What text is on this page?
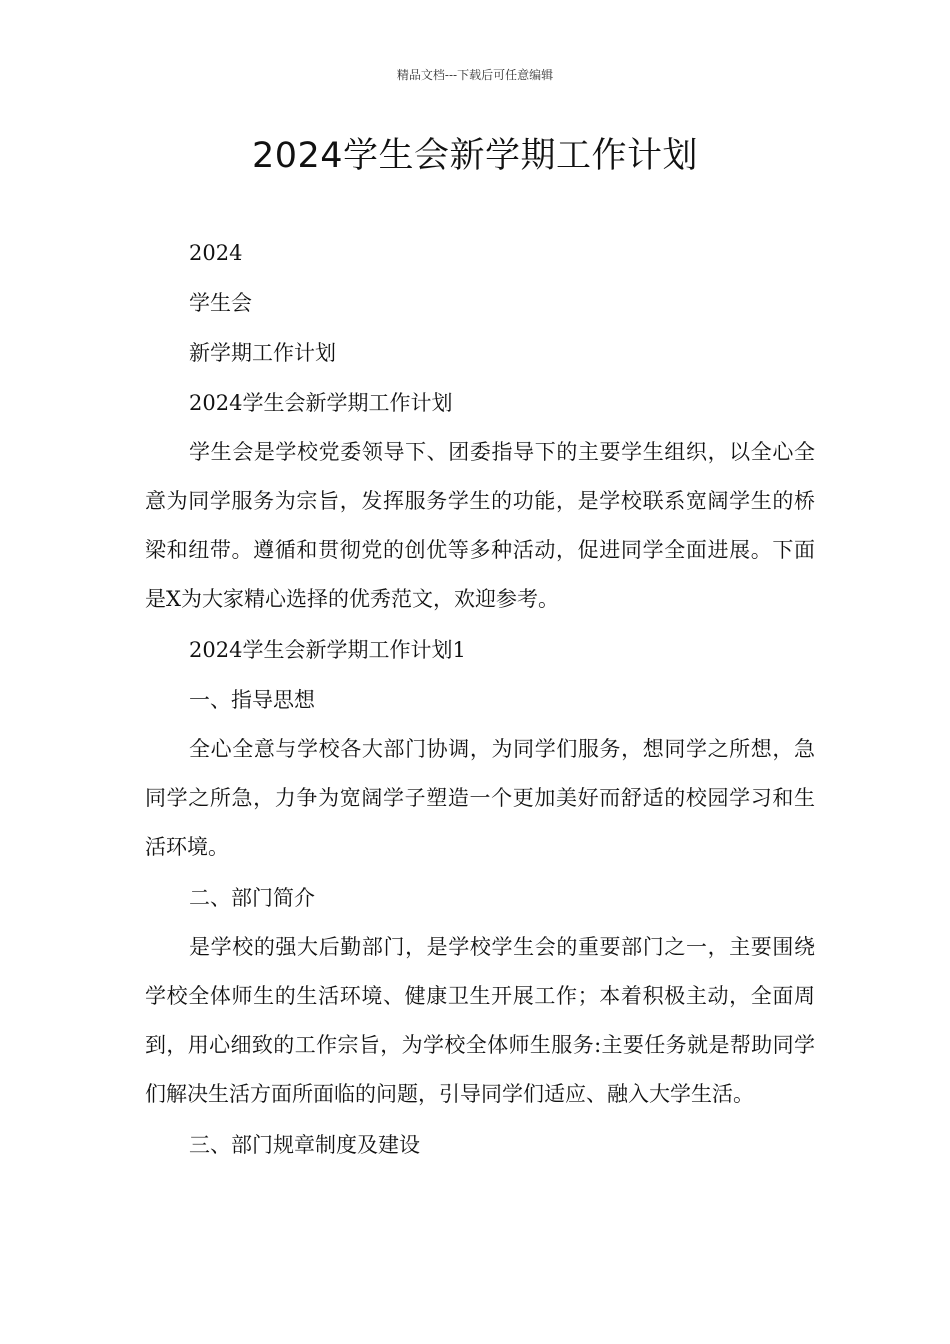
精品文档---下载后可任意编辑
2024学生会新学期工作计划

2024

学生会

新学期工作计划

2024学生会新学期工作计划

学生会是学校党委领导下、团委指导下的主要学生组织，以全心全意为同学服务为宗旨，发挥服务学生的功能，是学校联系宽阔学生的桥梁和纽带。遵循和贯彻党的创优等多种活动，促进同学全面进展。下面是X为大家精心选择的优秀范文，欢迎参考。

2024学生会新学期工作计划1

一、指导思想

全心全意与学校各大部门协调，为同学们服务，想同学之所想，急同学之所急，力争为宽阔学子塑造一个更加美好而舒适的校园学习和生活环境。

二、部门简介

是学校的强大后勤部门，是学校学生会的重要部门之一，主要围绕学校全体师生的生活环境、健康卫生开展工作；本着积极主动，全面周到，用心细致的工作宗旨，为学校全体师生服务:主要任务就是帮助同学们解决生活方面所面临的问题，引导同学们适应、融入大学生活。

三、部门规章制度及建设
